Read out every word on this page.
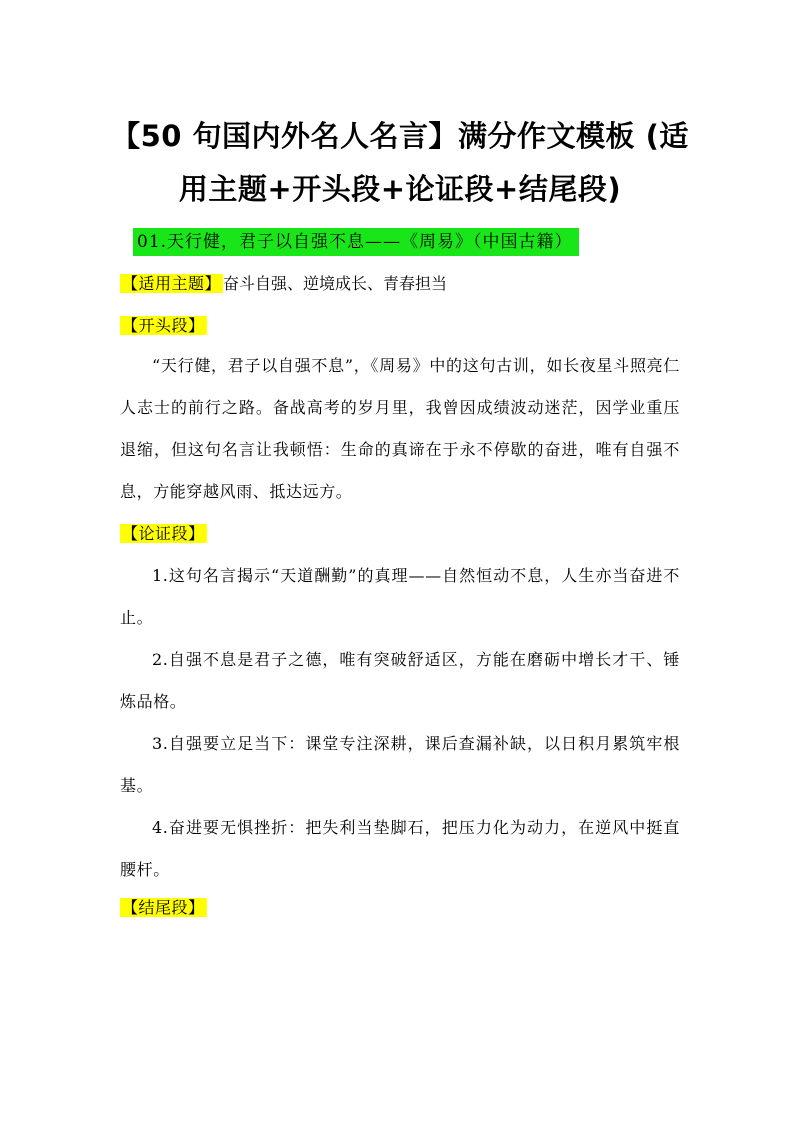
【50 句国内外名人名言】满分作文模板 (适用主题+开头段+论证段+结尾段)
01.天行健，君子以自强不息——《周易》（中国古籍）
【适用主题】 奋斗自强、逆境成长、青春担当
【开头段】
“天行健，君子以自强不息”，《周易》中的这句古训，如长夜星斗照亮仁人志士的前行之路。备战高考的岁月里，我曾因成绩波动迷茫，因学业重压退缩，但这句名言让我顿悟：生命的真谛在于永不停歇的奋进，唯有自强不息，方能穿越风雨、抵达远方。
【论证段】
1.这句名言揭示“天道酬勤”的真理——自然恒动不息，人生亦当奋进不止。
2.自强不息是君子之德，唯有突破舒适区，方能在磨砺中增长才干、锤炼品格。
3.自强要立足当下：课堂专注深耕，课后查漏补缺，以日积月累筑牢根基。
4.奋进要无惧挫折：把失利当垫脚石，把压力化为动力，在逆风中挺直腰杆。
【结尾段】
